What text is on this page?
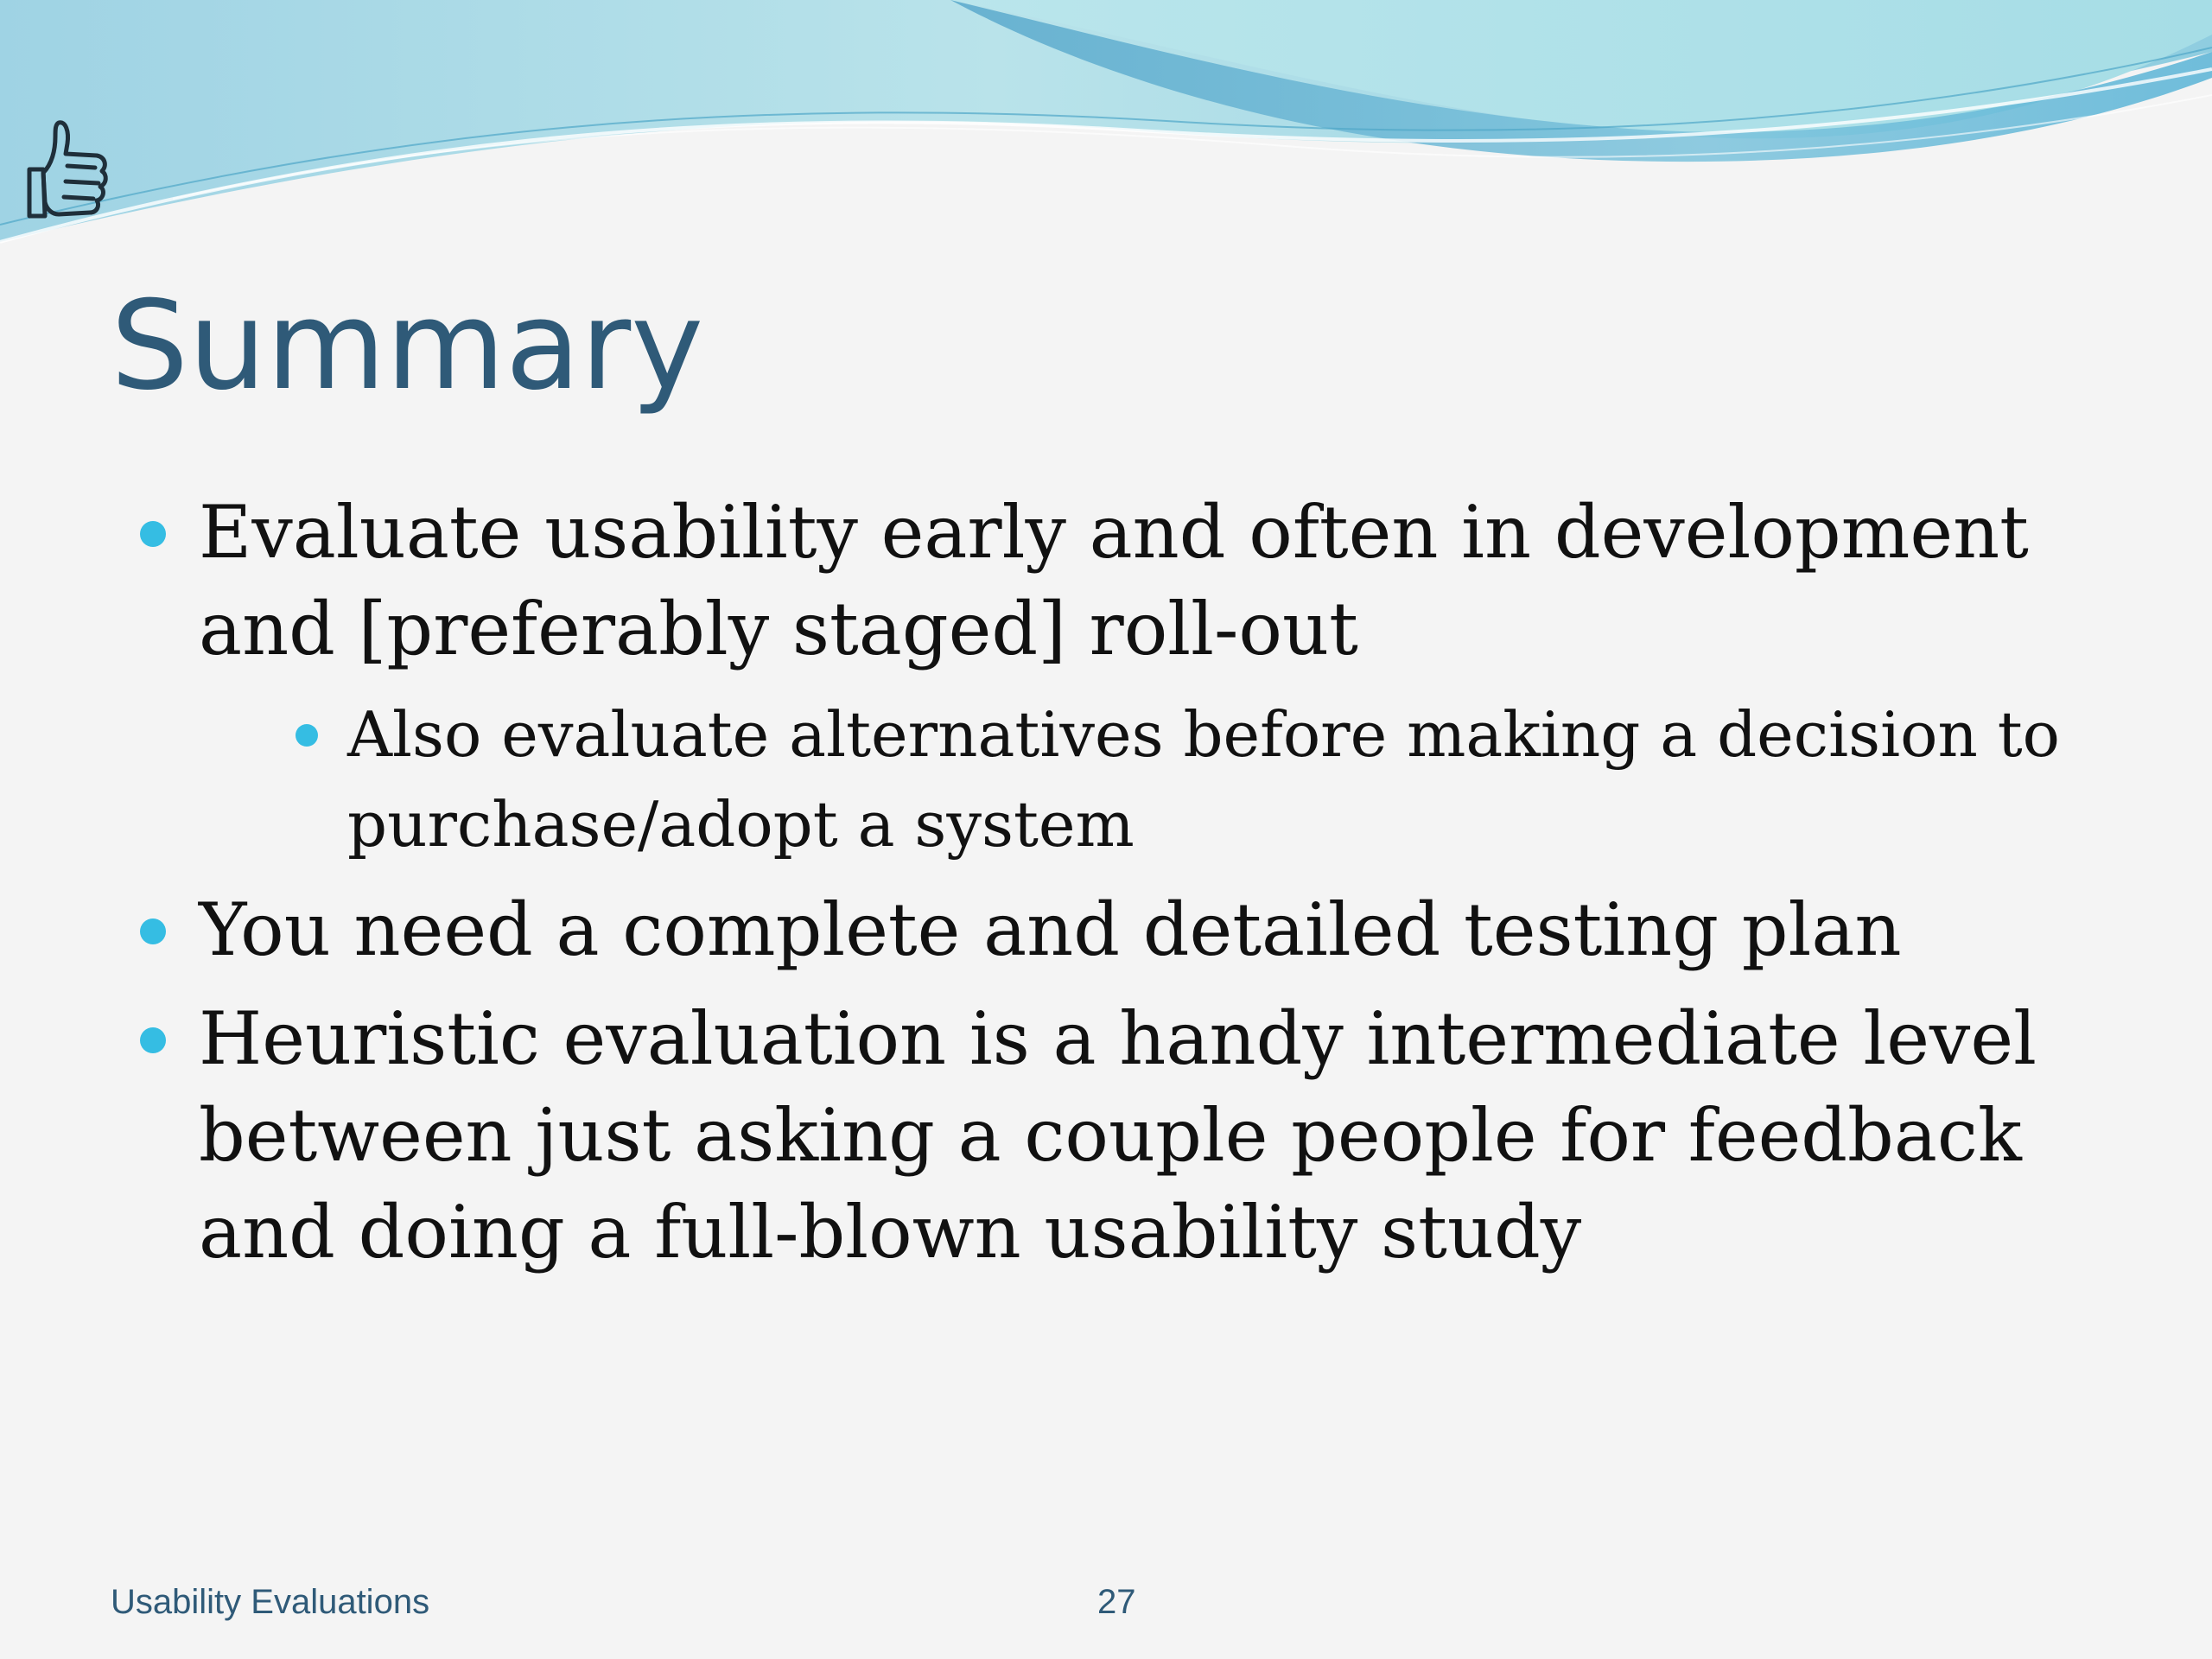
Summary
Evaluate usability early and often in development and [preferably staged] roll-out
Also evaluate alternatives before making a decision to purchase/adopt a system
You need a complete and detailed testing plan
Heuristic evaluation is a handy intermediate level between just asking a couple people for feedback and doing a full-blown usability study
Usability Evaluations	27
